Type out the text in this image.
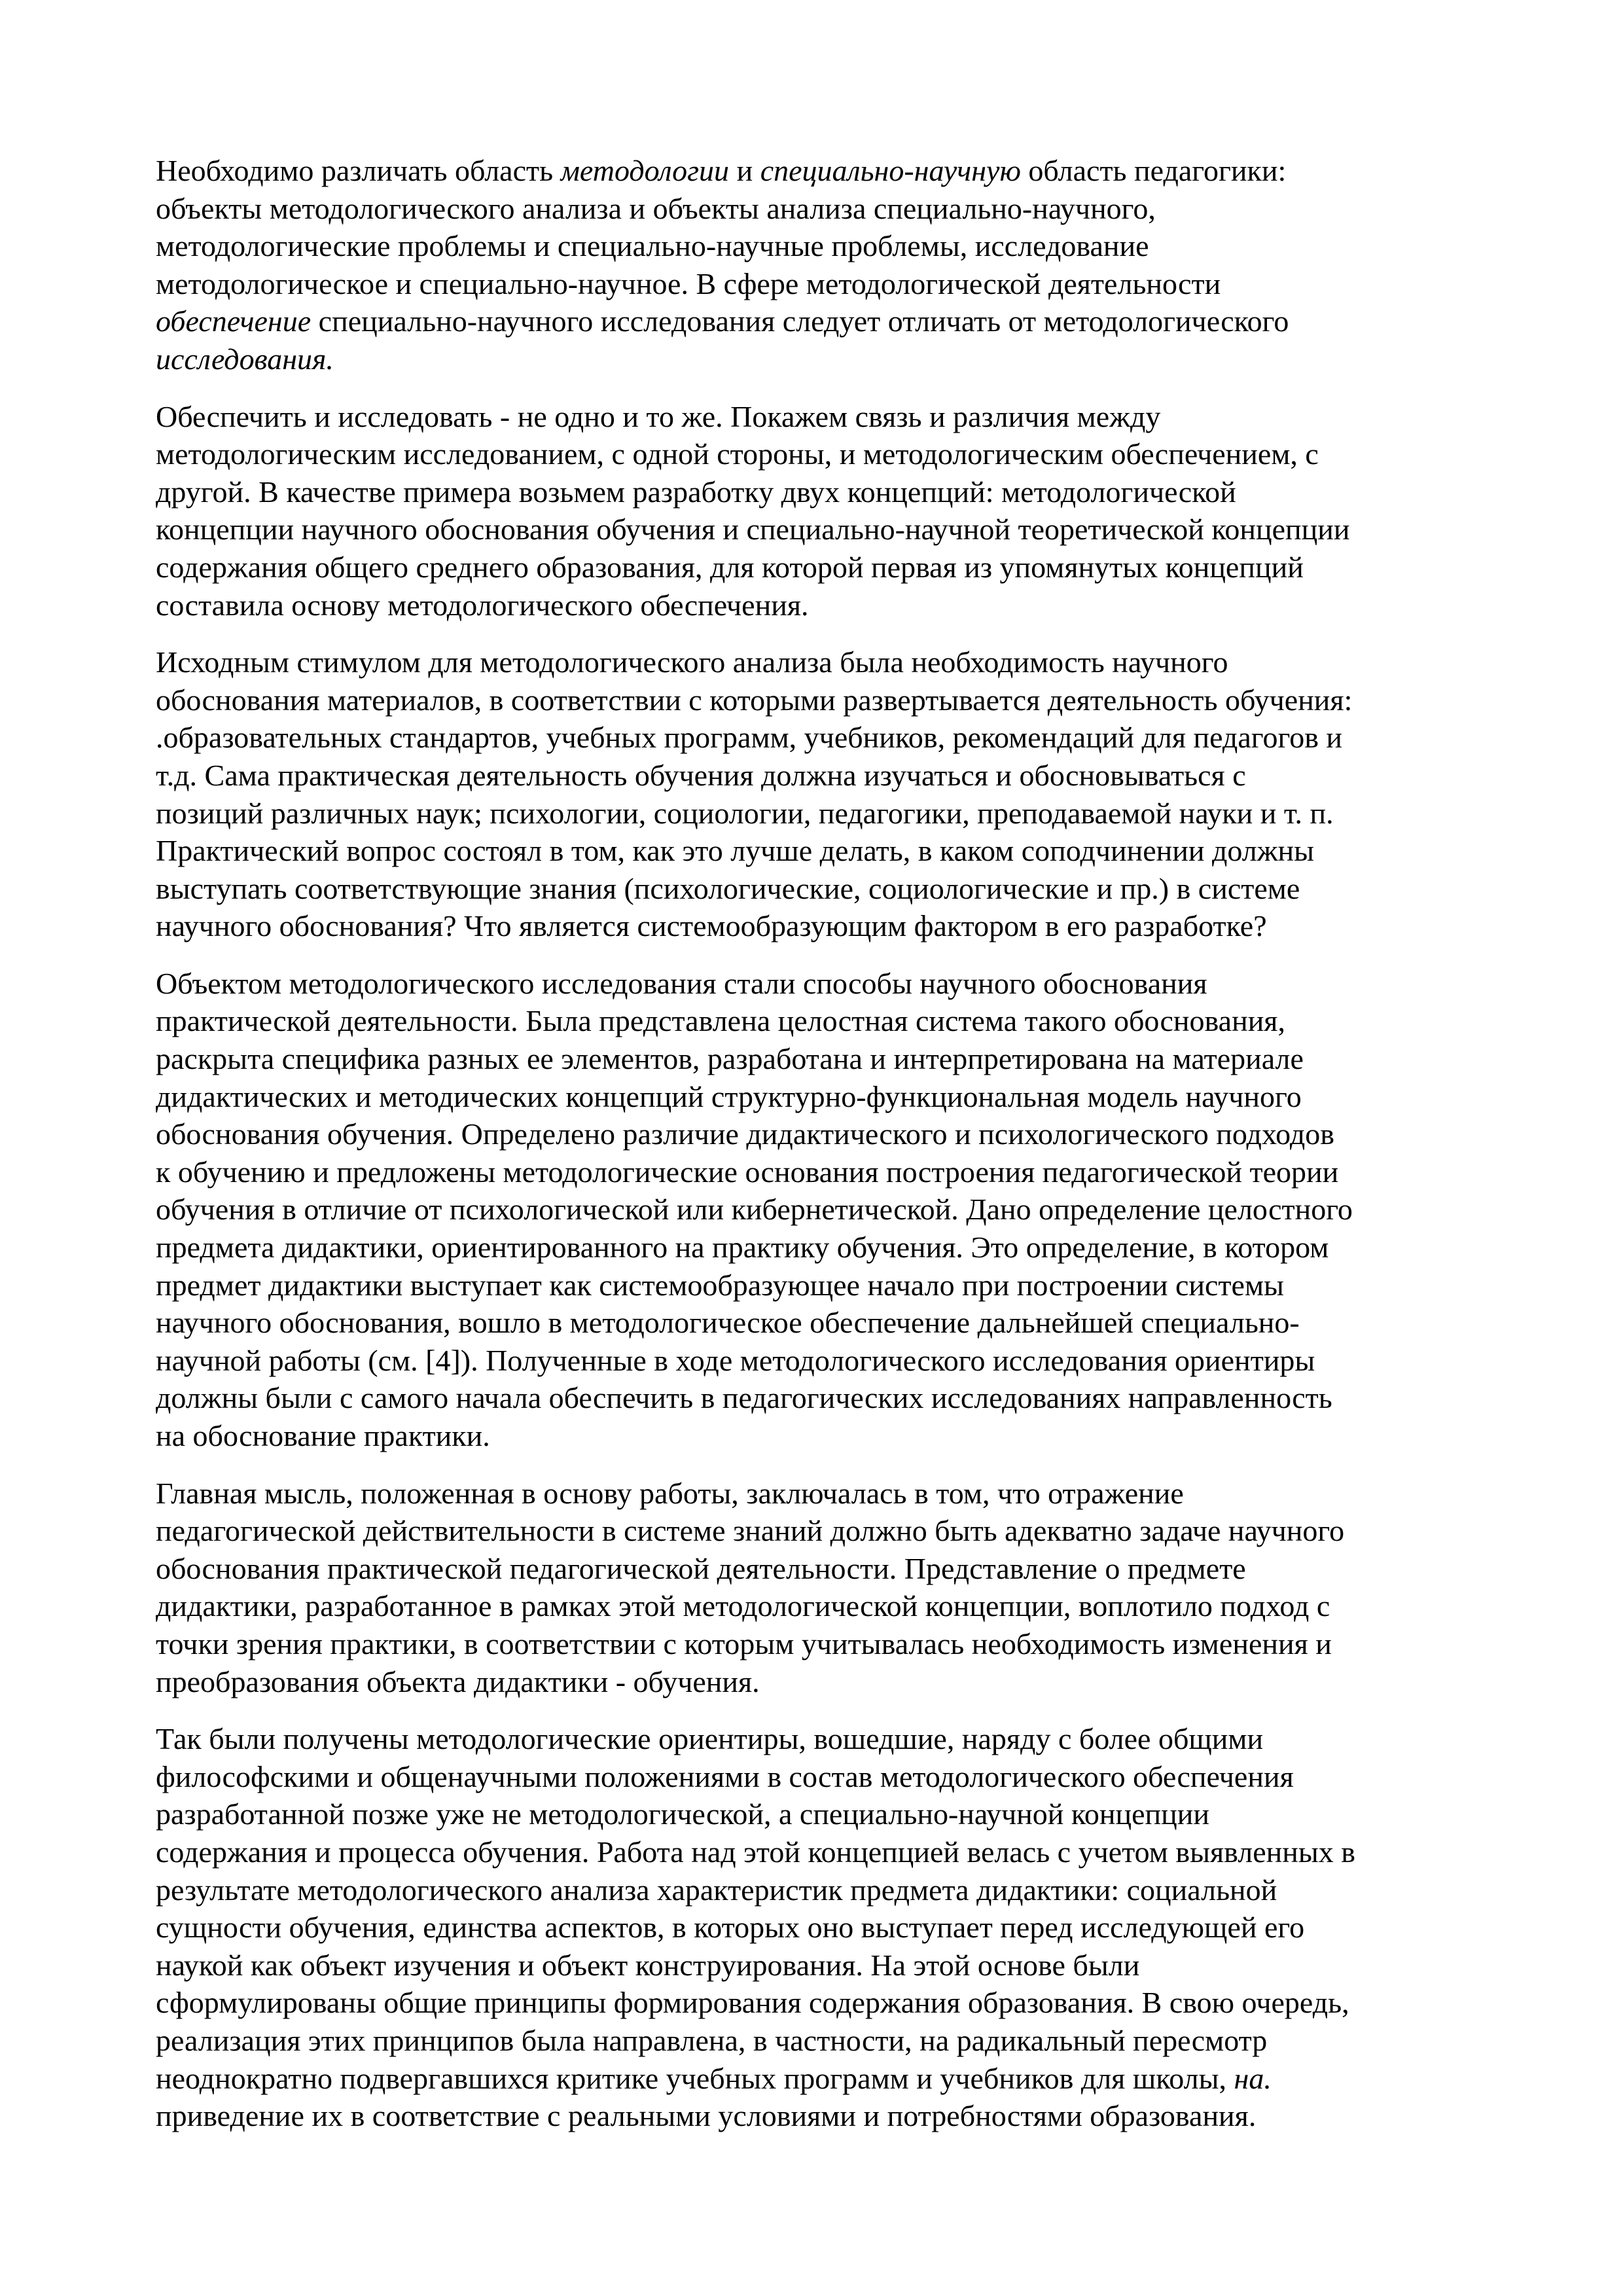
Необходимо различать область методологии и специально-научную область педагогики:
объекты методологического анализа и объекты анализа специально-научного,
методологические проблемы и специально-научные проблемы, исследование
методологическое и специально-научное. В сфере методологической деятельности
обеспечение специально-научного исследования следует отличать от методологического
исследования.

Обеспечить и исследовать - не одно и то же. Покажем связь и различия между
методологическим исследованием, с одной стороны, и методологическим обеспечением, с
другой. В качестве примера возьмем разработку двух концепций: методологической
концепции научного обоснования обучения и специально-научной теоретической концепции
содержания общего среднего образования, для которой первая из упомянутых концепций
составила основу методологического обеспечения.

Исходным стимулом для методологического анализа была необходимость научного
обоснования материалов, в соответствии с которыми развертывается деятельность обучения:
.образовательных стандартов, учебных программ, учебников, рекомендаций для педагогов и
т.д. Сама практическая деятельность обучения должна изучаться и обосновываться с
позиций различных наук; психологии, социологии, педагогики, преподаваемой науки и т. п.
Практический вопрос состоял в том, как это лучше делать, в каком соподчинении должны
выступать соответствующие знания (психологические, социологические и пр.) в системе
научного обоснования? Что является системообразующим фактором в его разработке?

Объектом методологического исследования стали способы научного обоснования
практической деятельности. Была представлена целостная система такого обоснования,
раскрыта специфика разных ее элементов, разработана и интерпретирована на материале
дидактических и методических концепций структурно-функциональная модель научного
обоснования обучения. Определено различие дидактического и психологического подходов
к обучению и предложены методологические основания построения педагогической теории
обучения в отличие от психологической или кибернетической. Дано определение целостного
предмета дидактики, ориентированного на практику обучения. Это определение, в котором
предмет дидактики выступает как системообразующее начало при построении системы
научного обоснования, вошло в методологическое обеспечение дальнейшей специально-
научной работы (см. [4]). Полученные в ходе методологического исследования ориентиры
должны были с самого начала обеспечить в педагогических исследованиях направленность
на обоснование практики.

Главная мысль, положенная в основу работы, заключалась в том, что отражение
педагогической действительности в системе знаний должно быть адекватно задаче научного
обоснования практической педагогической деятельности. Представление о предмете
дидактики, разработанное в рамках этой методологической концепции, воплотило подход с
точки зрения практики, в соответствии с которым учитывалась необходимость изменения и
преобразования объекта дидактики - обучения.

Так были получены методологические ориентиры, вошедшие, наряду с более общими
философскими и общенаучными положениями в состав методологического обеспечения
разработанной позже уже не методологической, а специально-научной концепции
содержания и процесса обучения. Работа над этой концепцией велась с учетом выявленных в
результате методологического анализа характеристик предмета дидактики: социальной
сущности обучения, единства аспектов, в которых оно выступает перед исследующей его
наукой как объект изучения и объект конструирования. На этой основе были
сформулированы общие принципы формирования содержания образования. В свою очередь,
реализация этих принципов была направлена, в частности, на радикальный пересмотр
неоднократно подвергавшихся критике учебных программ и учебников для школы, на.
приведение их в соответствие с реальными условиями и потребностями образования.
